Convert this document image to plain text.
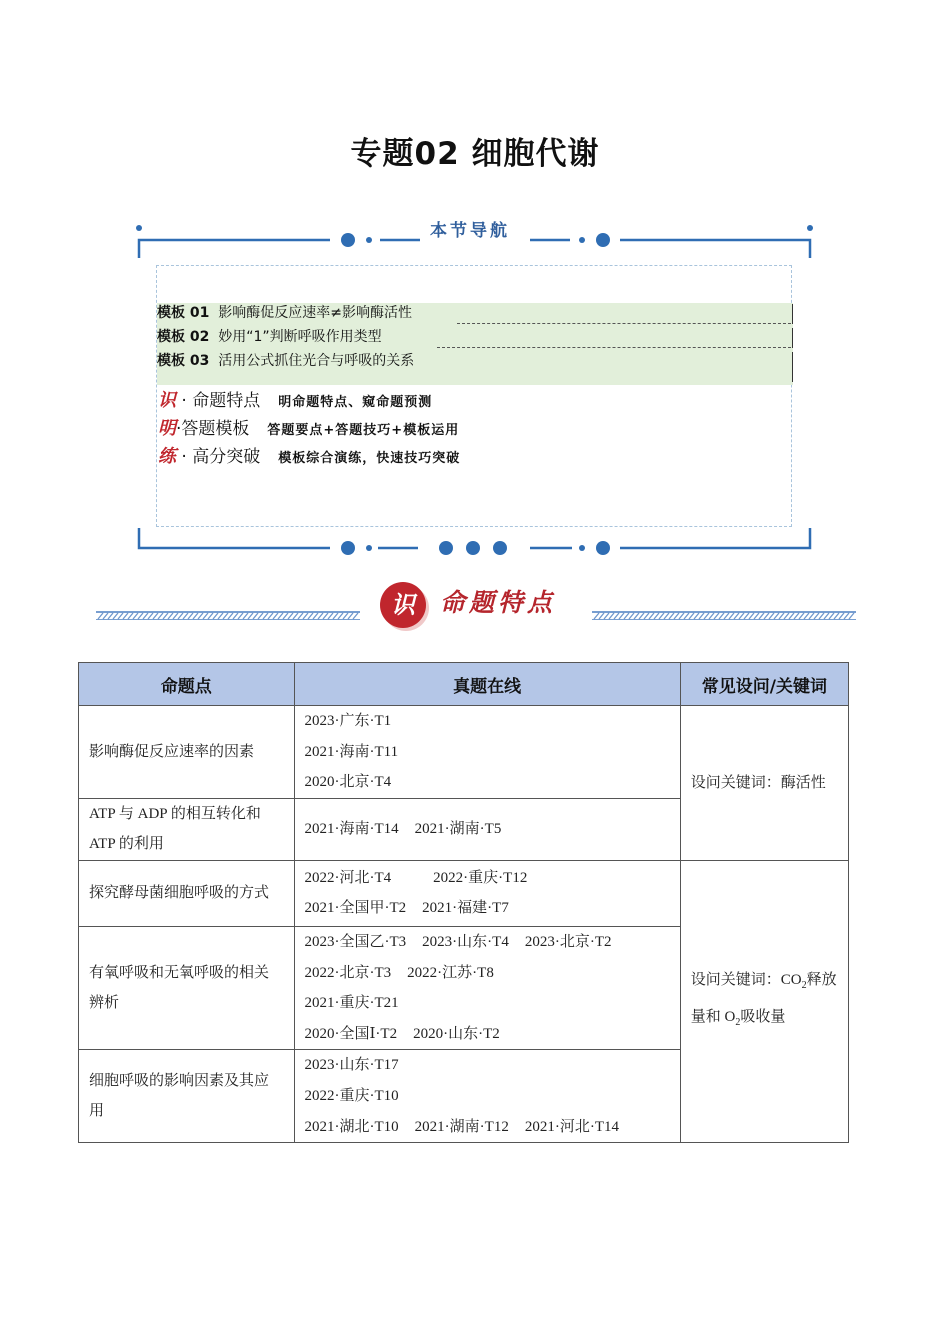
专题02 细胞代谢
本节导航
模板 01 影响酶促反应速率≠影响酶活性
模板 02 妙用“1”判断呼吸作用类型
模板 03 活用公式抓住光合与呼吸的关系
识 · 命题特点 明命题特点、窥命题预测
明·答题模板 答题要点+答题技巧+模板运用
练 · 高分突破 模板综合演练，快速技巧突破
识	命题特点
命题点	真题在线	常见设问/关键词
影响酶促反应速率的因素	2023·广东·T1
2021·海南·T11
2020·北京·T4	设问关键词：酶活性
ATP 与 ADP 的相互转化和 ATP 的利用	2021·海南·T14 2021·湖南·T5	

探究酵母菌细胞呼吸的方式	2022·河北·T4 2022·重庆·T12
2021·全国甲·T2 2021·福建·T7	设问关键词：$CO_2$释放量和 $O_2$吸收量
有氧呼吸和无氧呼吸的相关辨析	2023·全国乙·T3 2023·山东·T4 2023·北京·T2
2022·北京·T3 2022·江苏·T8
2021·重庆·T21
2020·全国Ⅰ·T2 2020·山东·T2	

细胞呼吸的影响因素及其应用	2023·山东·T17
2022·重庆·T10
2021·湖北·T10 2021·湖南·T12 2021·河北·T14	
